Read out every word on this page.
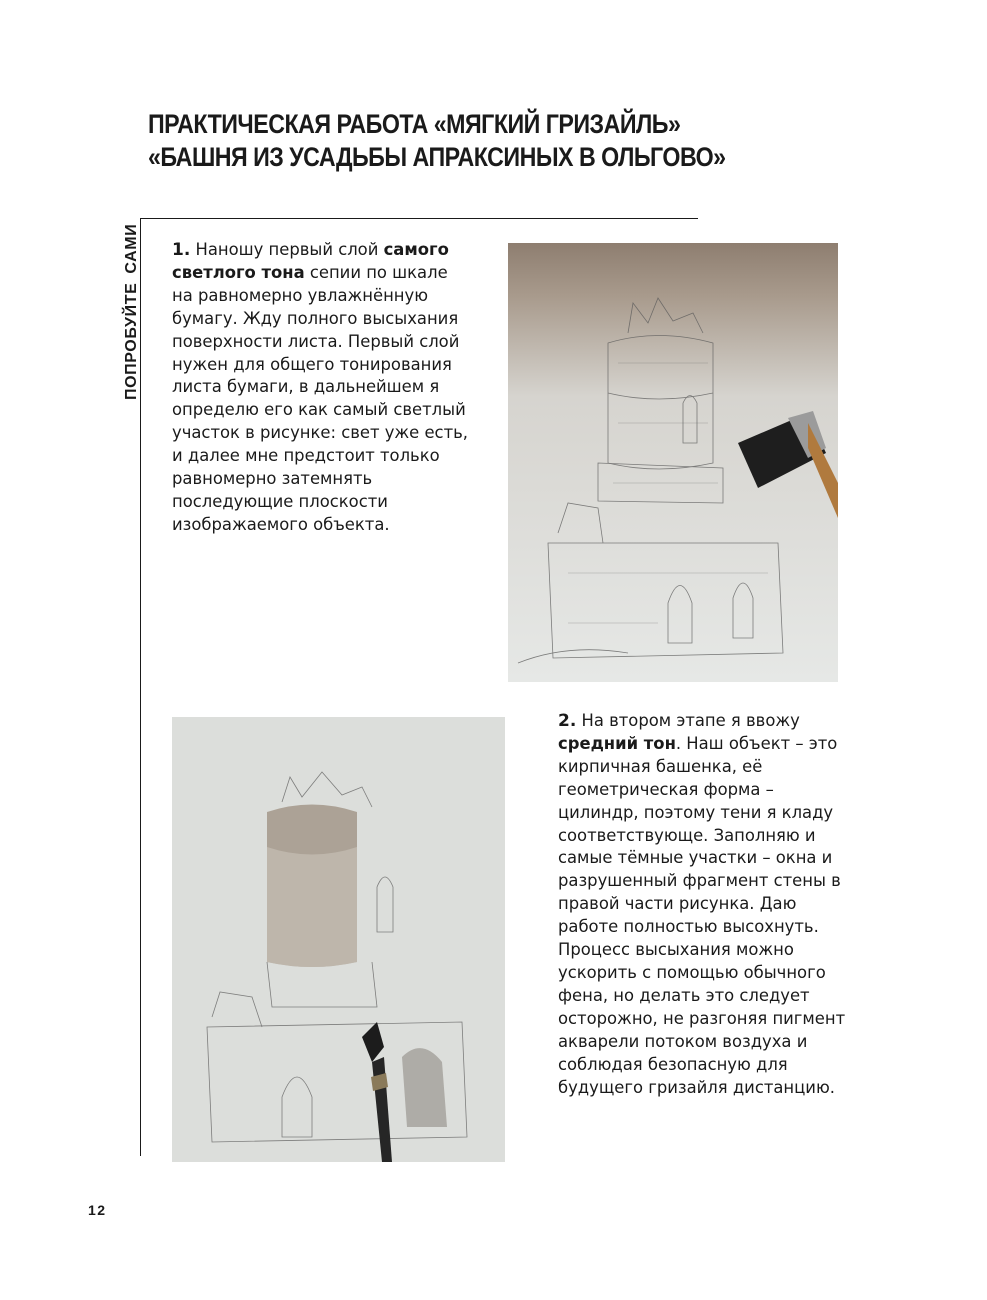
ПРАКТИЧЕСКАЯ РАБОТА «МЯГКИЙ ГРИЗАЙЛЬ»
«БАШНЯ ИЗ УСАДЬБЫ АПРАКСИНЫХ В ОЛЬГОВО»
ПОПРОБУЙТЕ САМИ 1. Наношу первый слой самого светлого тона сепии по шкале на равномерно увлажнённую бумагу. Жду полного высыхания поверхности листа. Первый слой нужен для общего тонирования листа бумаги, в дальнейшем я определю его как самый светлый участок в рисунке: свет уже есть, и далее мне предстоит только равномерно затемнять последующие плоскости изображаемого объекта.

2. На втором этапе я ввожу средний тон. Наш объект – это кирпичная башенка, её геометрическая форма – цилиндр, поэтому тени я кладу соответствующе. Заполняю и самые тёмные участки – окна и разрушенный фрагмент стены в правой части рисунка. Даю работе полностью высохнуть. Процесс высыхания можно ускорить с помощью обычного фена, но делать это следует осторожно, не разгоняя пигмент акварели потоком воздуха и соблюдая безопасную для будущего гризайля дистанцию.

12
